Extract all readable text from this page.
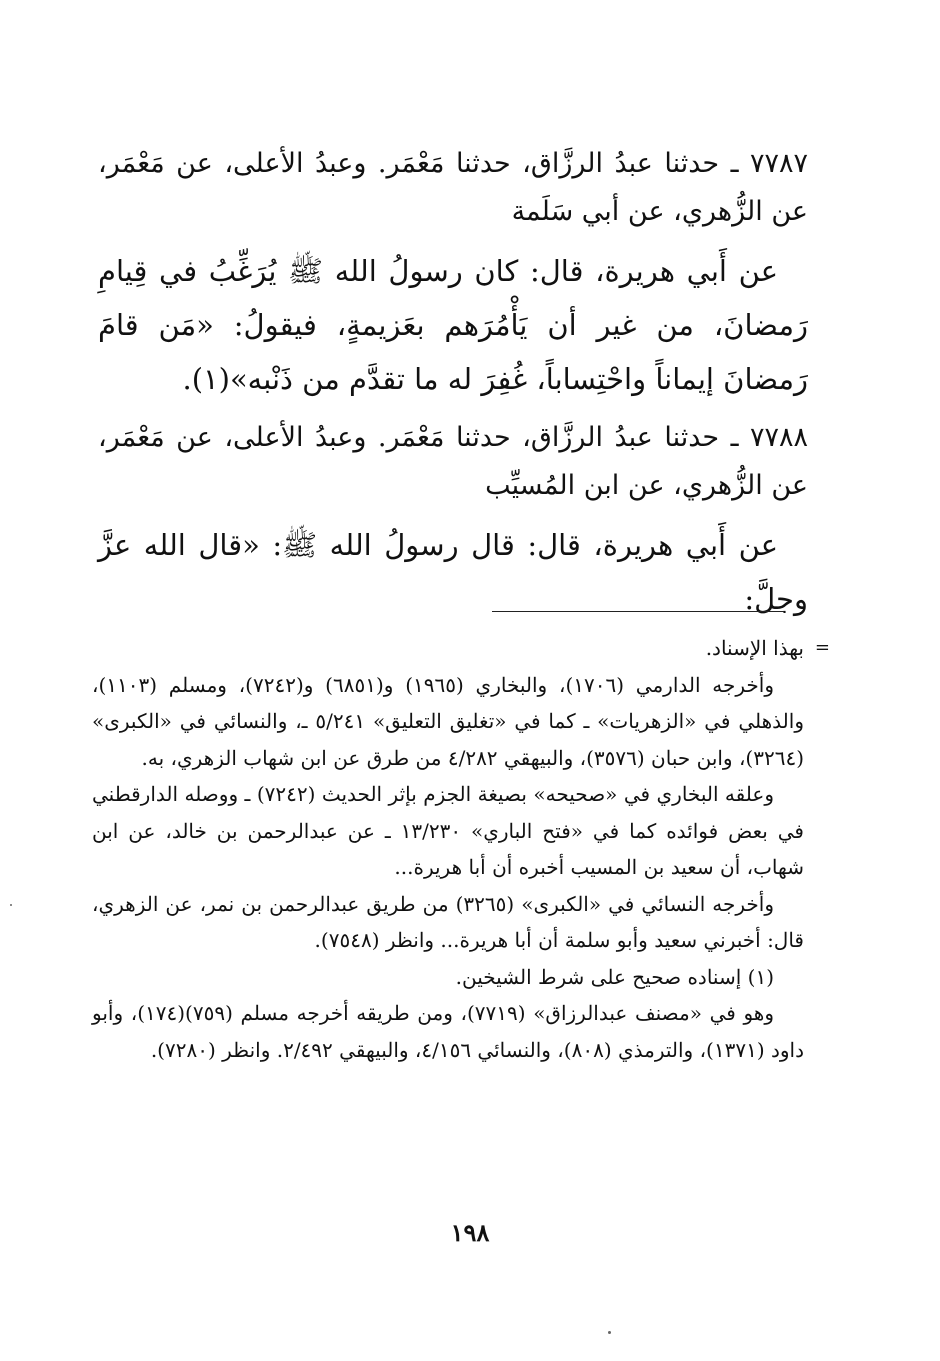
٧٧٨٧ ـ حدثنا عبدُ الرزَّاق، حدثنا مَعْمَر. وعبدُ الأعلى، عن مَعْمَر، عن الزُّهري، عن أبي سَلَمة

عن أَبي هريرة، قال: كان رسولُ الله ﷺ يُرَغِّبُ في قِيامِ رَمضانَ، من غير أن يَأْمُرَهم بعَزيمةٍ، فيقولُ: «مَن قامَ رَمضانَ إيماناً واحْتِساباً، غُفِرَ له ما تقدَّم من ذَنْبه»(١).

٧٧٨٨ ـ حدثنا عبدُ الرزَّاق، حدثنا مَعْمَر. وعبدُ الأعلى، عن مَعْمَر، عن الزُّهري، عن ابن المُسيِّب

عن أَبي هريرة، قال: قال رسولُ الله ﷺ: «قال الله عزَّ وجلَّ:

=
بهذا الإسناد.

وأخرجه الدارمي (١٧٠٦)، والبخاري (١٩٦٥) و(٦٨٥١) و(٧٢٤٢)، ومسلم (١١٠٣)، والذهلي في «الزهريات» ـ كما في «تغليق التعليق» ٥/٢٤١ ـ، والنسائي في «الكبرى» (٣٢٦٤)، وابن حبان (٣٥٧٦)، والبيهقي ٤/٢٨٢ من طرق عن ابن شهاب الزهري، به.

وعلقه البخاري في «صحيحه» بصيغة الجزم بإثر الحديث (٧٢٤٢) ـ ووصله الدارقطني في بعض فوائده كما في «فتح الباري» ١٣/٢٣٠ ـ عن عبدالرحمن بن خالد، عن ابن شهاب، أن سعيد بن المسيب أخبره أن أبا هريرة...

وأخرجه النسائي في «الكبرى» (٣٢٦٥) من طريق عبدالرحمن بن نمر، عن الزهري، قال: أخبرني سعيد وأبو سلمة أن أبا هريرة... وانظر (٧٥٤٨).

(١) إسناده صحيح على شرط الشيخين.

وهو في «مصنف عبدالرزاق» (٧٧١٩)، ومن طريقه أخرجه مسلم (٧٥٩)(١٧٤)، وأبو داود (١٣٧١)، والترمذي (٨٠٨)، والنسائي ٤/١٥٦، والبيهقي ٢/٤٩٢. وانظر (٧٢٨٠).

١٩٨
